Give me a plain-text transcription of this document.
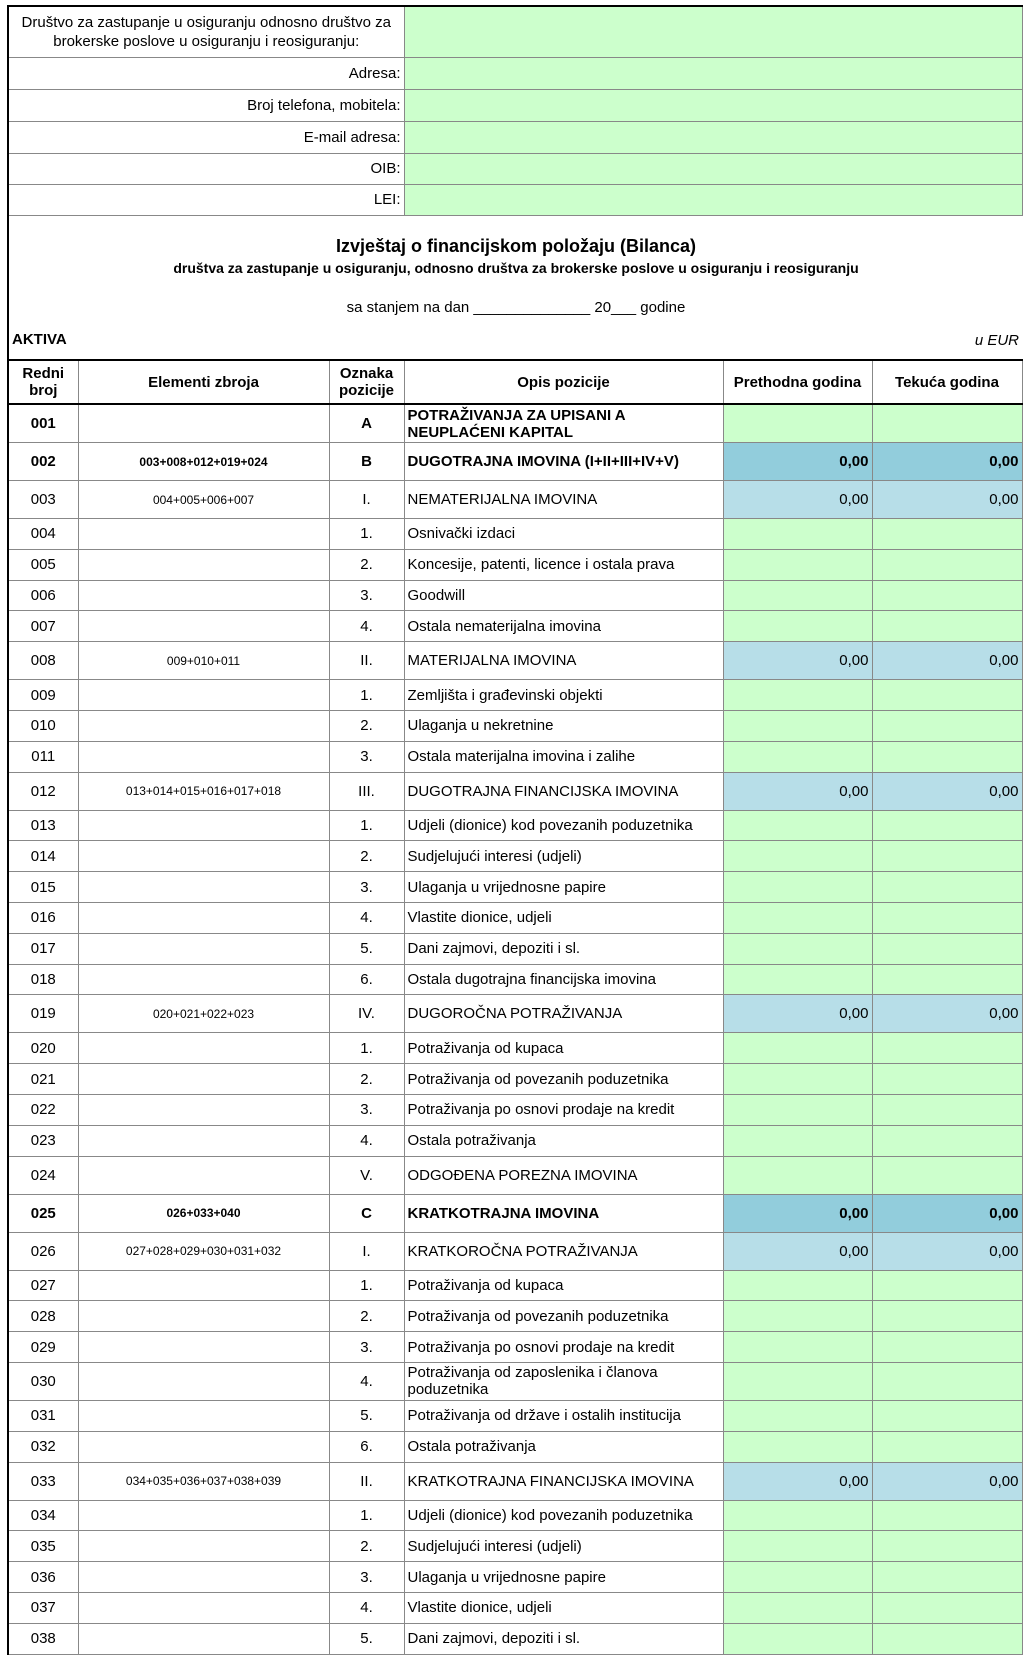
Društvo za zastupanje u osiguranju odnosno društvo za brokerske poslove u osiguranju i reosiguranju:	
Adresa:	
Broj telefona, mobitela:	
E-mail adresa:	
OIB:	
LEI:	
Izvještaj o financijskom položaju (Bilanca)
društva za zastupanje u osiguranju, odnosno društva za brokerske poslove u osiguranju i reosiguranju
sa stanjem na dan ______________ 20___ godine
AKTIVA	u EUR
Redni broj	Elementi zbroja	Oznaka pozicije	Opis pozicije	Prethodna godina	Tekuća godina
001		A	POTRAŽIVANJA ZA UPISANI A NEUPLAĆENI KAPITAL		
002	003+008+012+019+024	B	DUGOTRAJNA IMOVINA (I+II+III+IV+V)	0,00	0,00
003	004+005+006+007	I.	NEMATERIJALNA IMOVINA	0,00	0,00
004		1.	Osnivački izdaci		
005		2.	Koncesije, patenti, licence i ostala prava		
006		3.	Goodwill		
007		4.	Ostala nematerijalna imovina		
008	009+010+011	II.	MATERIJALNA IMOVINA	0,00	0,00
009		1.	Zemljišta i građevinski objekti		
010		2.	Ulaganja u nekretnine		
011		3.	Ostala materijalna imovina i zalihe		
012	013+014+015+016+017+018	III.	DUGOTRAJNA FINANCIJSKA IMOVINA	0,00	0,00
013		1.	Udjeli (dionice) kod povezanih poduzetnika		
014		2.	Sudjelujući interesi (udjeli)		
015		3.	Ulaganja u vrijednosne papire		
016		4.	Vlastite dionice, udjeli		
017		5.	Dani zajmovi, depoziti i sl.		
018		6.	Ostala dugotrajna financijska imovina		
019	020+021+022+023	IV.	DUGOROČNA POTRAŽIVANJA	0,00	0,00
020		1.	Potraživanja od kupaca		
021		2.	Potraživanja od povezanih poduzetnika		
022		3.	Potraživanja po osnovi prodaje na kredit		
023		4.	Ostala potraživanja		
024		V.	ODGOĐENA POREZNA IMOVINA		
025	026+033+040	C	KRATKOTRAJNA IMOVINA	0,00	0,00
026	027+028+029+030+031+032	I.	KRATKOROČNA POTRAŽIVANJA	0,00	0,00
027		1.	Potraživanja od kupaca		
028		2.	Potraživanja od povezanih poduzetnika		
029		3.	Potraživanja po osnovi prodaje na kredit		
030		4.	Potraživanja od zaposlenika i članova poduzetnika		
031		5.	Potraživanja od države i ostalih institucija		
032		6.	Ostala potraživanja		
033	034+035+036+037+038+039	II.	KRATKOTRAJNA FINANCIJSKA IMOVINA	0,00	0,00
034		1.	Udjeli (dionice) kod povezanih poduzetnika		
035		2.	Sudjelujući interesi (udjeli)		
036		3.	Ulaganja u vrijednosne papire		
037		4.	Vlastite dionice, udjeli		
038		5.	Dani zajmovi, depoziti i sl.		
